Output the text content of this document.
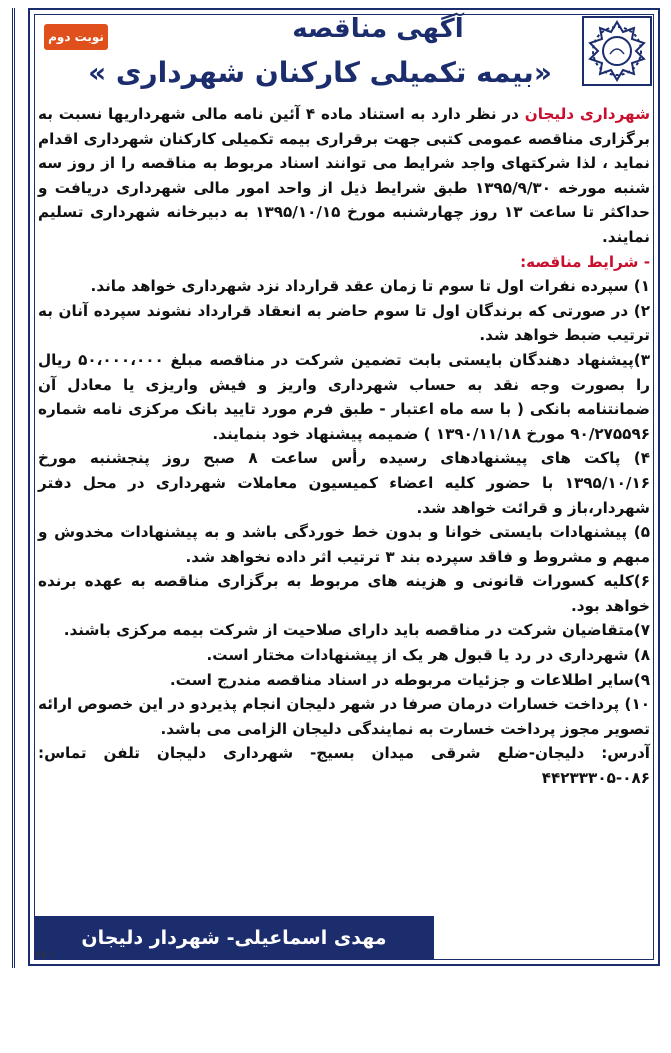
آگهی مناقصه
«بیمه تکمیلی کارکنان شهرداری »
نوبت دوم

شهرداری دلیجان در نظر دارد به استناد ماده ۴ آئین نامه مالی شهرداریها نسبت به برگزاری مناقصه عمومی کتبی جهت برقراری بیمه تکمیلی کارکنان شهرداری اقدام نماید ، لذا شرکتهای واجد شرایط می توانند اسناد مربوط به مناقصه را از روز سه شنبه مورخه ۱۳۹۵/۹/۳۰ طبق شرایط ذیل از واحد امور مالی شهرداری دریافت و حداکثر تا ساعت ۱۳ روز چهارشنبه مورخ ۱۳۹۵/۱۰/۱۵ به دبیرخانه شهرداری تسلیم نمایند.

- شرایط مناقصه:

۱) سپرده نفرات اول تا سوم تا زمان عقد قرارداد نزد شهرداری خواهد ماند.

۲) در صورتی که برندگان اول تا سوم حاضر به انعقاد قرارداد نشوند سپرده آنان به ترتیب ضبط خواهد شد.

۳)پیشنهاد دهندگان بایستی بابت تضمین شرکت در مناقصه مبلغ ۵۰،۰۰۰،۰۰۰ ریال را بصورت وجه نقد به حساب شهرداری واریز و فیش واریزی یا معادل آن ضمانتنامه بانکی ( با سه ماه اعتبار - طبق فرم مورد تایید بانک مرکزی نامه شماره ۹۰/۲۷۵۵۹۶ مورخ ۱۳۹۰/۱۱/۱۸ ) ضمیمه پیشنهاد خود بنمایند.

۴) پاکت های پیشنهادهای رسیده رأس ساعت ۸ صبح روز پنجشنبه مورخ ۱۳۹۵/۱۰/۱۶ با حضور کلیه اعضاء کمیسیون معاملات شهرداری در محل دفتر شهردار،باز و قرائت خواهد شد.

۵) پیشنهادات بایستی خوانا و بدون خط خوردگی باشد و به پیشنهادات مخدوش و مبهم و مشروط و فاقد سپرده بند ۳ ترتیب اثر داده نخواهد شد.

۶)کلیه کسورات قانونی و هزینه های مربوط به برگزاری مناقصه به عهده برنده خواهد بود.

۷)متقاضیان شرکت در مناقصه باید دارای صلاحیت از شرکت بیمه مرکزی باشند.

۸) شهرداری در رد یا قبول هر یک از پیشنهادات مختار است.

۹)سایر اطلاعات و جزئیات مربوطه در اسناد مناقصه مندرج است.

۱۰) پرداخت خسارات درمان صرفا در شهر دلیجان انجام پذیردو در این خصوص ارائه تصویر مجوز پرداخت خسارت به نمایندگی دلیجان الزامی می باشد.

آدرس: دلیجان-ضلع شرقی میدان بسیج- شهرداری دلیجان تلفن تماس: ۰۸۶-۴۴۲۳۳۳۰۵

مهدی اسماعیلی- شهردار دلیجان
۲۵۰۶
